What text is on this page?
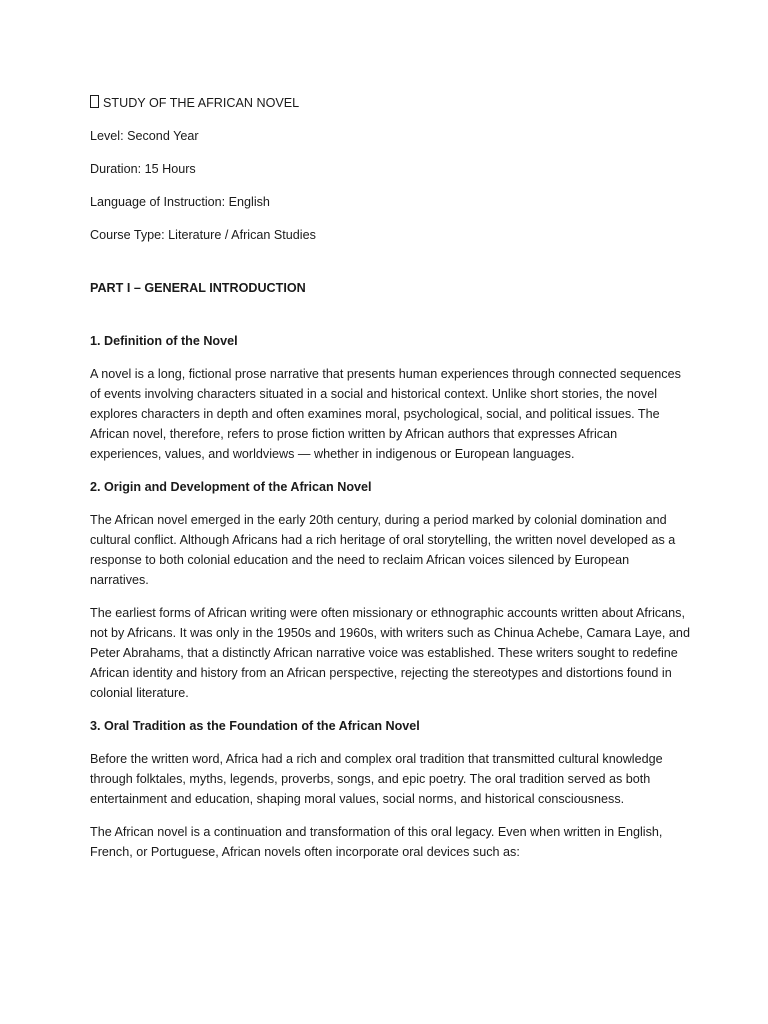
STUDY OF THE AFRICAN NOVEL

Level: Second Year

Duration: 15 Hours

Language of Instruction: English

Course Type: Literature / African Studies

PART I – GENERAL INTRODUCTION

1. Definition of the Novel

A novel is a long, fictional prose narrative that presents human experiences through connected sequences of events involving characters situated in a social and historical context. Unlike short stories, the novel explores characters in depth and often examines moral, psychological, social, and political issues. The African novel, therefore, refers to prose fiction written by African authors that expresses African experiences, values, and worldviews — whether in indigenous or European languages.

2. Origin and Development of the African Novel

The African novel emerged in the early 20th century, during a period marked by colonial domination and cultural conflict. Although Africans had a rich heritage of oral storytelling, the written novel developed as a response to both colonial education and the need to reclaim African voices silenced by European narratives.

The earliest forms of African writing were often missionary or ethnographic accounts written about Africans, not by Africans. It was only in the 1950s and 1960s, with writers such as Chinua Achebe, Camara Laye, and Peter Abrahams, that a distinctly African narrative voice was established. These writers sought to redefine African identity and history from an African perspective, rejecting the stereotypes and distortions found in colonial literature.

3. Oral Tradition as the Foundation of the African Novel

Before the written word, Africa had a rich and complex oral tradition that transmitted cultural knowledge through folktales, myths, legends, proverbs, songs, and epic poetry. The oral tradition served as both entertainment and education, shaping moral values, social norms, and historical consciousness.

The African novel is a continuation and transformation of this oral legacy. Even when written in English, French, or Portuguese, African novels often incorporate oral devices such as:
